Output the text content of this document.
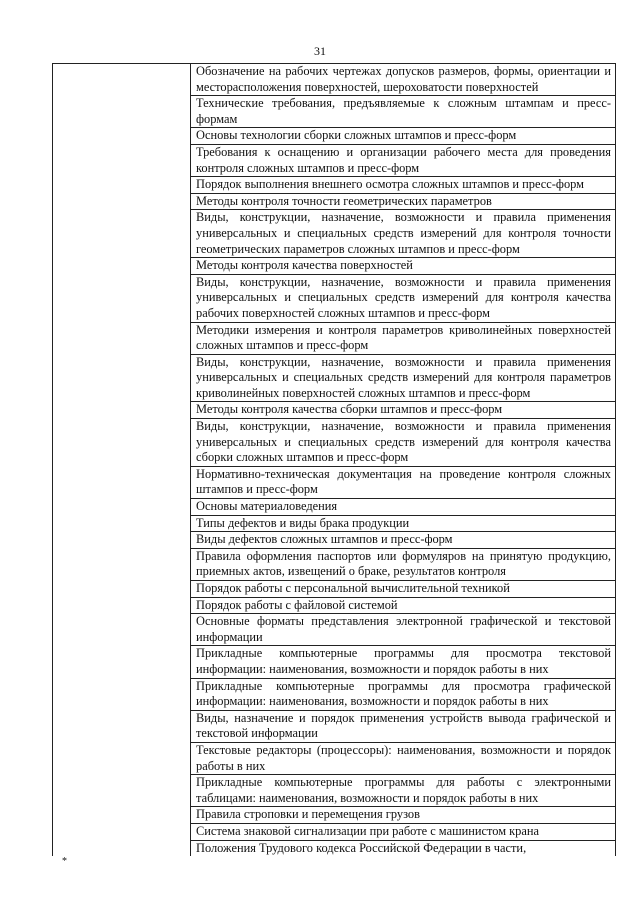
31
	Обозначение на рабочих чертежах допусков размеров, формы, ориентации и месторасположения поверхностей, шероховатости поверхностей
Технические требования, предъявляемые к сложным штампам и пресс-формам
Основы технологии сборки сложных штампов и пресс-форм
Требования к оснащению и организации рабочего места для проведения контроля сложных штампов и пресс-форм
Порядок выполнения внешнего осмотра сложных штампов и пресс-форм
Методы контроля точности геометрических параметров
Виды, конструкции, назначение, возможности и правила применения универсальных и специальных средств измерений для контроля точности геометрических параметров сложных штампов и пресс-форм
Методы контроля качества поверхностей
Виды, конструкции, назначение, возможности и правила применения универсальных и специальных средств измерений для контроля качества рабочих поверхностей сложных штампов и пресс-форм
Методики измерения и контроля параметров криволинейных поверхностей сложных штампов и пресс-форм
Виды, конструкции, назначение, возможности и правила применения универсальных и специальных средств измерений для контроля параметров криволинейных поверхностей сложных штампов и пресс-форм
Методы контроля качества сборки штампов и пресс-форм
Виды, конструкции, назначение, возможности и правила применения универсальных и специальных средств измерений для контроля качества сборки сложных штампов и пресс-форм
Нормативно-техническая документация на проведение контроля сложных штампов и пресс-форм
Основы материаловедения
Типы дефектов и виды брака продукции
Виды дефектов сложных штампов и пресс-форм
Правила оформления паспортов или формуляров на принятую продукцию, приемных актов, извещений о браке, результатов контроля
Порядок работы с персональной вычислительной техникой
Порядок работы с файловой системой
Основные форматы представления электронной графической и текстовой информации
Прикладные компьютерные программы для просмотра текстовой информации: наименования, возможности и порядок работы в них
Прикладные компьютерные программы для просмотра графической информации: наименования, возможности и порядок работы в них
Виды, назначение и порядок применения устройств вывода графической и текстовой информации
Текстовые редакторы (процессоры): наименования, возможности и порядок работы в них
Прикладные компьютерные программы для работы с электронными таблицами: наименования, возможности и порядок работы в них
Правила строповки и перемещения грузов
Система знаковой сигнализации при работе с машинистом крана
Положения Трудового кодекса Российской Федерации в части,
*
